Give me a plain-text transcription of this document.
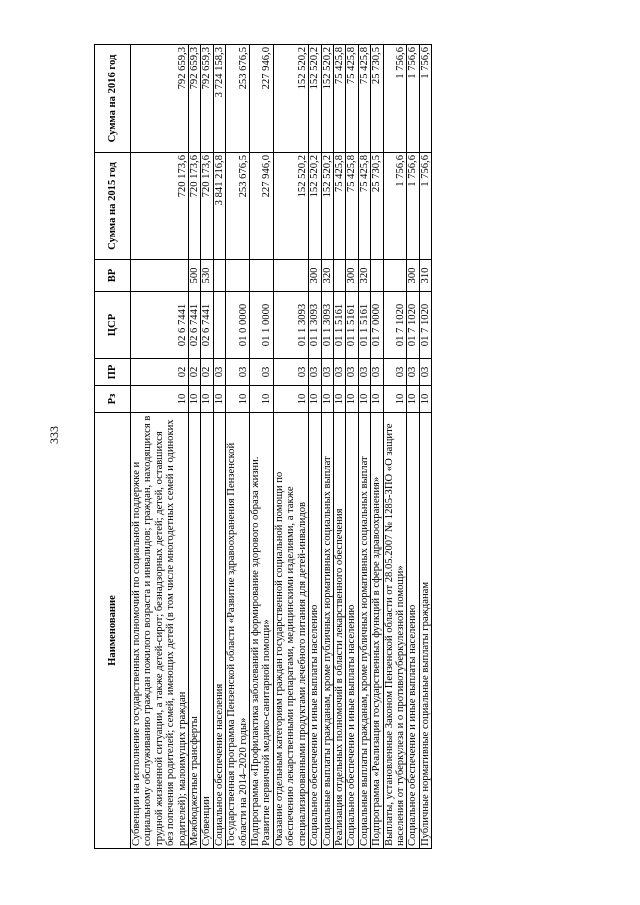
333
Наименование	Рз	ПР	ЦСР	ВР	Сумма на 2015 год	Сумма на 2016 год
Субвенции на исполнение государственных полномочий по социальной поддержке и социальному обслуживанию граждан пожилого возраста и инвалидов; граждан, находящихся в трудной жизненной ситуации, а также детей-сирот; безнадзорных детей; детей, оставшихся без попечения родителей; семей, имеющих детей (в том числе многодетных семей и одиноких родителей); малоимущих граждан	10	02	02 6 7441		720 173,6	792 659,3
Межбюджетные трансферты	10	02	02 6 7441	500	720 173,6	792 659,3
Субвенции	10	02	02 6 7441	530	720 173,6	792 659,3
Социальное обеспечение населения	10	03			3 841 216,8	3 724 158,3
Государственная программа Пензенской области «Развитие здравоохранения Пензенской области на 2014–2020 годы»	10	03	01 0 0000		253 676,5	253 676,5
Подпрограмма «Профилактика заболеваний и формирование здорового образа жизни. Развитие первичной медико-санитарной помощи»	10	03	01 1 0000		227 946,0	227 946,0
Оказание отдельным категориям граждан государственной социальной помощи по обеспечению лекарственными препаратами, медицинскими изделиями, а также специализированными продуктами лечебного питания для детей-инвалидов	10	03	01 1 3093		152 520,2	152 520,2
Социальное обеспечение и иные выплаты населению	10	03	01 1 3093	300	152 520,2	152 520,2
Социальные выплаты гражданам, кроме публичных нормативных социальных выплат	10	03	01 1 3093	320	152 520,2	152 520,2
Реализация отдельных полномочий в области лекарственного обеспечения	10	03	01 1 5161		75 425,8	75 425,8
Социальное обеспечение и иные выплаты населению	10	03	01 1 5161	300	75 425,8	75 425,8
Социальные выплаты гражданам, кроме публичных нормативных социальных выплат	10	03	01 1 5161	320	75 425,8	75 425,8
Подпрограмма «Реализация государственных функций в сфере здравоохранения»	10	03	01 7 0000		25 730,5	25 730,5
Выплаты, установленные Законом Пензенской области от 28.05.2007 № 1285-ЗПО «О защите населения от туберкулеза и о противотуберкулезной помощи»	10	03	01 7 1020		1 756,6	1 756,6
Социальное обеспечение и иные выплаты населению	10	03	01 7 1020	300	1 756,6	1 756,6
Публичные нормативные социальные выплаты гражданам	10	03	01 7 1020	310	1 756,6	1 756,6
